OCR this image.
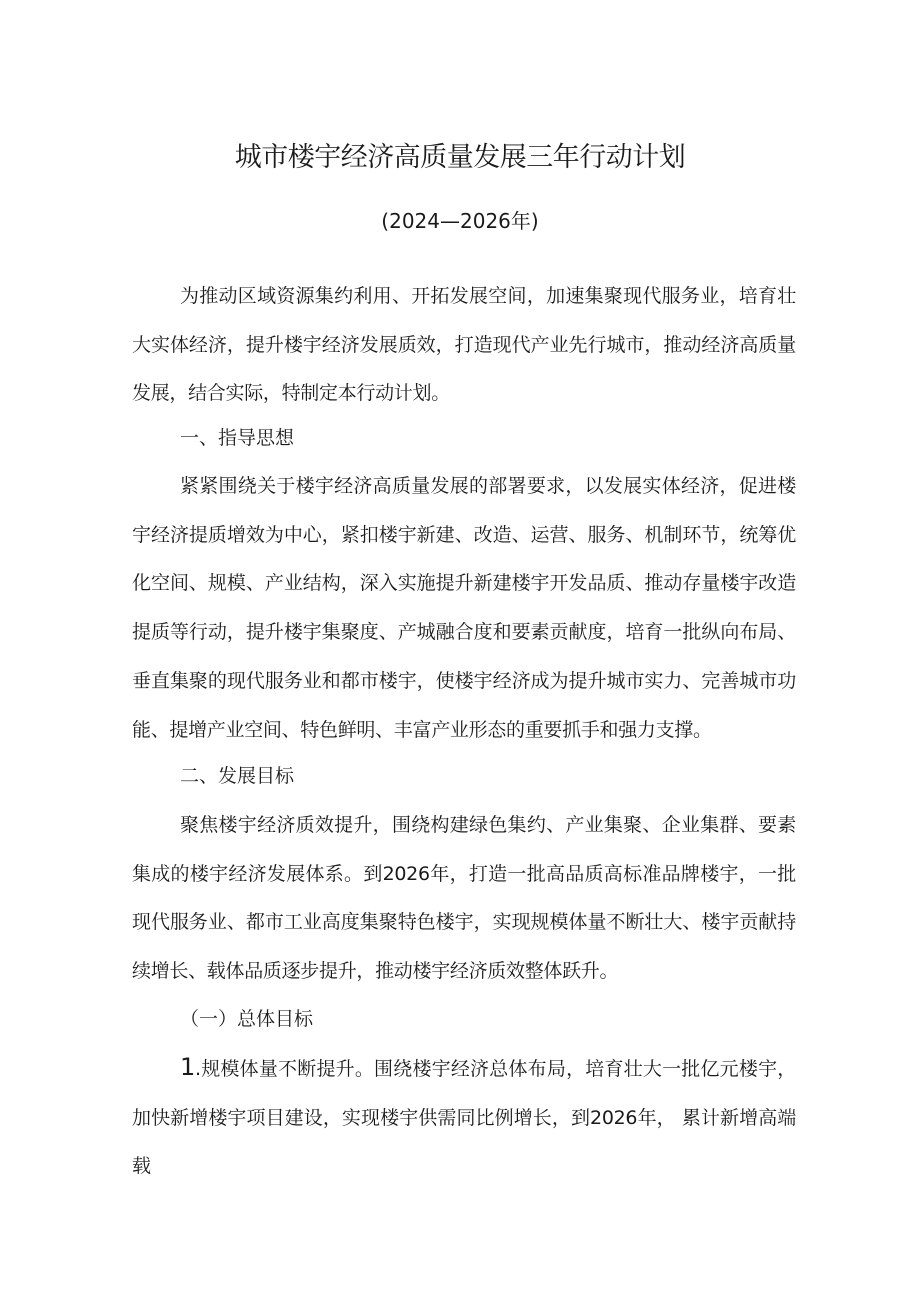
城市楼宇经济高质量发展三年行动计划
(2024—2026年)

为推动区域资源集约利用、开拓发展空间，加速集聚现代服务业，培育壮大实体经济，提升楼宇经济发展质效，打造现代产业先行城市，推动经济高质量发展，结合实际，特制定本行动计划。

一、指导思想

紧紧围绕关于楼宇经济高质量发展的部署要求，以发展实体经济，促进楼宇经济提质增效为中心，紧扣楼宇新建、改造、运营、服务、机制环节，统筹优化空间、规模、产业结构，深入实施提升新建楼宇开发品质、推动存量楼宇改造提质等行动，提升楼宇集聚度、产城融合度和要素贡献度，培育一批纵向布局、垂直集聚的现代服务业和都市楼宇，使楼宇经济成为提升城市实力、完善城市功能、提增产业空间、特色鲜明、丰富产业形态的重要抓手和强力支撑。

二、发展目标

聚焦楼宇经济质效提升，围绕构建绿色集约、产业集聚、企业集群、要素集成的楼宇经济发展体系。到2026年，打造一批高品质高标准品牌楼宇，一批现代服务业、都市工业高度集聚特色楼宇，实现规模体量不断壮大、楼宇贡献持续增长、载体品质逐步提升，推动楼宇经济质效整体跃升。

（一）总体目标

1.规模体量不断提升。围绕楼宇经济总体布局，培育壮大一批亿元楼宇，加快新增楼宇项目建设，实现楼宇供需同比例增长，到2026年， 累计新增高端载
